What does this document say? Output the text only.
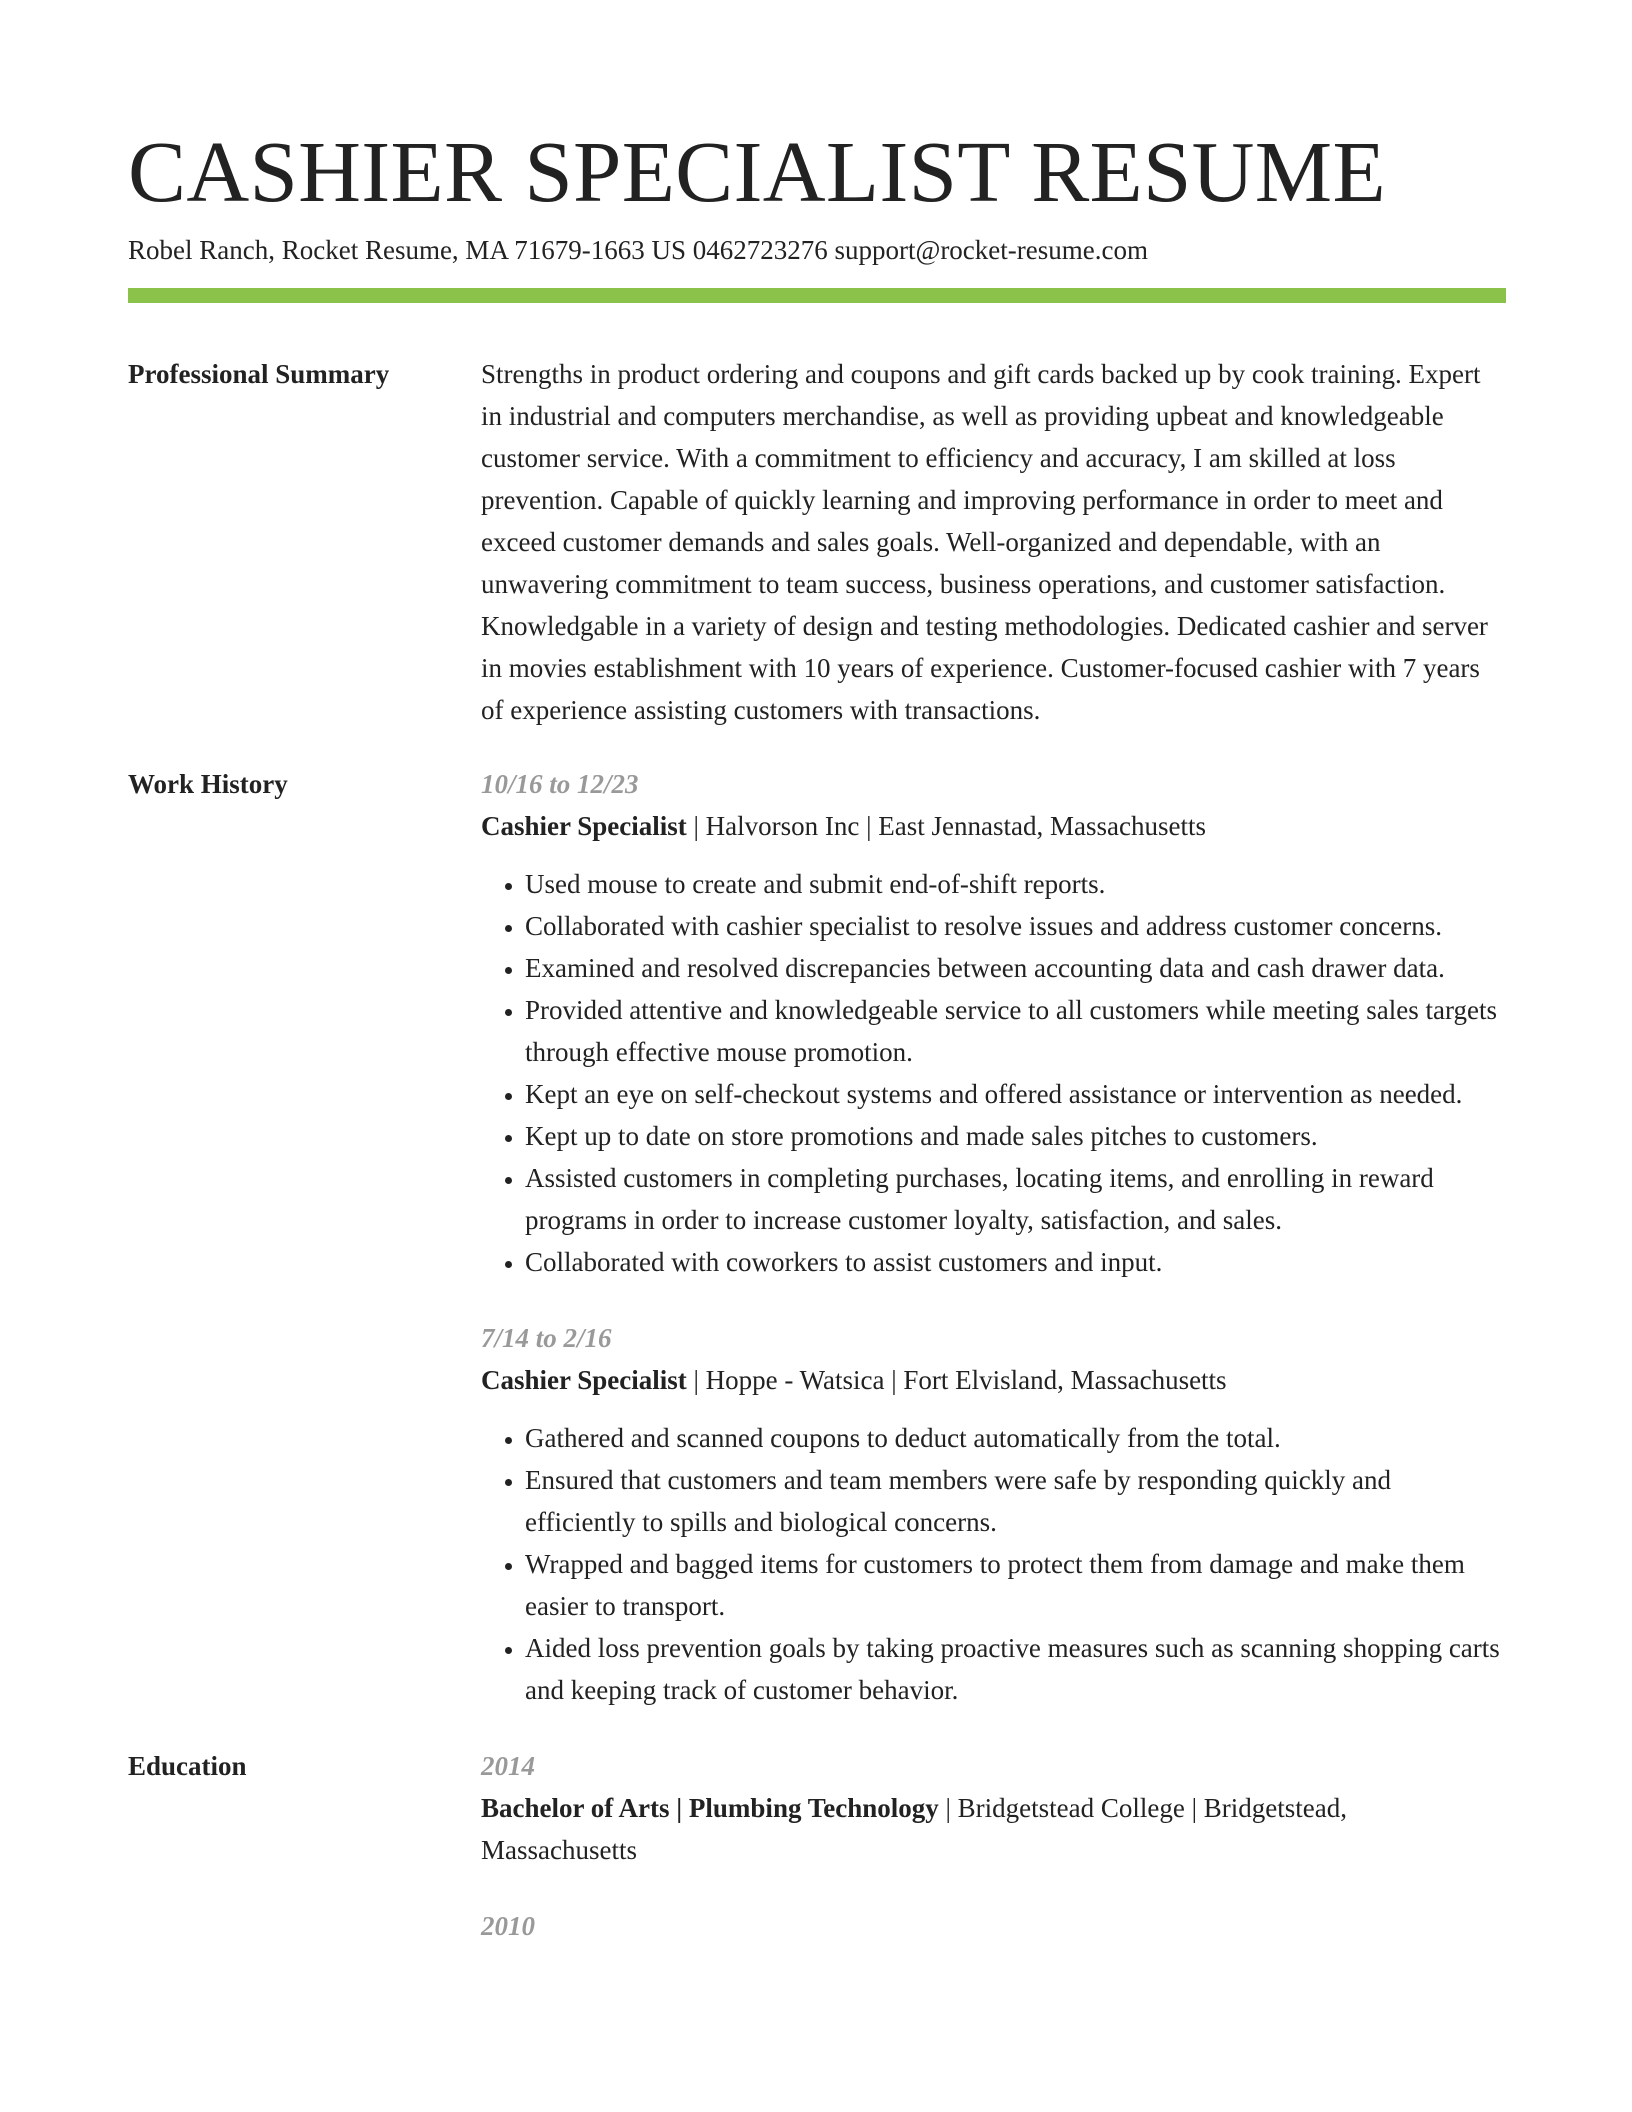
CASHIER SPECIALIST RESUME
Robel Ranch, Rocket Resume, MA 71679-1663 US 0462723276 support@rocket-resume.com
Professional Summary	Strengths in product ordering and coupons and gift cards backed up by cook training. Expert in industrial and computers merchandise, as well as providing upbeat and knowledgeable customer service. With a commitment to efficiency and accuracy, I am skilled at loss prevention. Capable of quickly learning and improving performance in order to meet and exceed customer demands and sales goals. Well-organized and dependable, with an unwavering commitment to team success, business operations, and customer satisfaction. Knowledgable in a variety of design and testing methodologies. Dedicated cashier and server in movies establishment with 10 years of experience. Customer-focused cashier with 7 years of experience assisting customers with transactions.

Work History	10/16 to 12/23
Cashier Specialist | Halvorson Inc | East Jennastad, Massachusetts
• Used mouse to create and submit end-of-shift reports.
• Collaborated with cashier specialist to resolve issues and address customer concerns.
• Examined and resolved discrepancies between accounting data and cash drawer data.
• Provided attentive and knowledgeable service to all customers while meeting sales targets through effective mouse promotion.
• Kept an eye on self-checkout systems and offered assistance or intervention as needed.
• Kept up to date on store promotions and made sales pitches to customers.
• Assisted customers in completing purchases, locating items, and enrolling in reward programs in order to increase customer loyalty, satisfaction, and sales.
• Collaborated with coworkers to assist customers and input.
7/14 to 2/16
Cashier Specialist | Hoppe - Watsica | Fort Elvisland, Massachusetts
• Gathered and scanned coupons to deduct automatically from the total.
• Ensured that customers and team members were safe by responding quickly and efficiently to spills and biological concerns.
• Wrapped and bagged items for customers to protect them from damage and make them easier to transport.
• Aided loss prevention goals by taking proactive measures such as scanning shopping carts and keeping track of customer behavior.
Education	2014
Bachelor of Arts | Plumbing Technology | Bridgetstead College | Bridgetstead, Massachusetts
2010
